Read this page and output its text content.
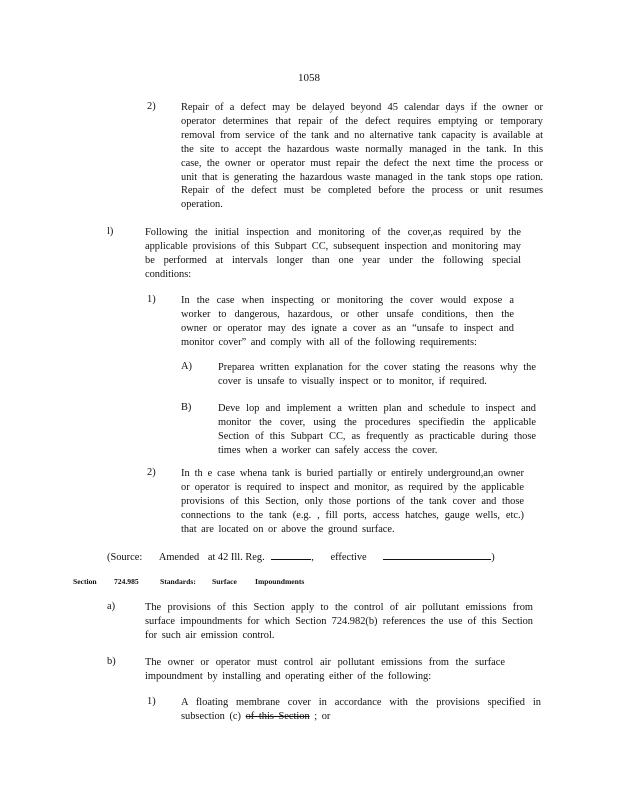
1058
2) Repair of a defect may be delayed beyond 45 calendar days if the owner or operator determines that repair of the defect requires emptying or temporary removal from service of the tank and no alternative tank capacity is available at the site to accept the hazardous waste normally managed in the tank. In this case, the owner or operator must repair the defect the next time the process or unit that is generating the hazardous waste managed in the tank stops ope ration. Repair of the defect must be completed before the process or unit resumes operation.
l)	Following the initial inspection and monitoring of the cover,as required by the applicable provisions of this Subpart CC, subsequent inspection and monitoring may be performed at intervals longer than one year under the following special conditions:
1) In the case when inspecting or monitoring the cover would expose a worker to dangerous, hazardous, or other unsafe conditions, then the owner or operator may des ignate a cover as an “unsafe to inspect and monitor cover” and comply with all of the following requirements:
A)	Preparea written explanation for the cover stating the reasons why the cover is unsafe to visually inspect or to monitor, if required.
B)	Deve lop and implement a written plan and schedule to inspect and monitor the cover, using the procedures specifiedin the applicable Section of this Subpart CC, as frequently as practicable during those times when a worker can safely access the cover.
2) In th e case whena tank is buried partially or entirely underground,an owner or operator is required to inspect and monitor, as required by the applicable provisions of this Section, only those portions of the tank cover and those connections to the tank (e.g. , fill ports, access hatches, gauge wells, etc.) that are located on or above the ground surface.
(Source: Amended at 42 Ill. Reg.	, effective	)
Section 724.985	Standards: Surface Impoundments
a)	The provisions of this Section apply to the control of air pollutant emissions from surface impoundments for which Section 724.982(b) references the use of this Section for such air emission control.
b)	The owner or operator must control air pollutant emissions from the surface impoundment by installing and operating either of the following:
1) A floating membrane cover in accordance with the provisions specified in
subsection (c) of this Section ; or
